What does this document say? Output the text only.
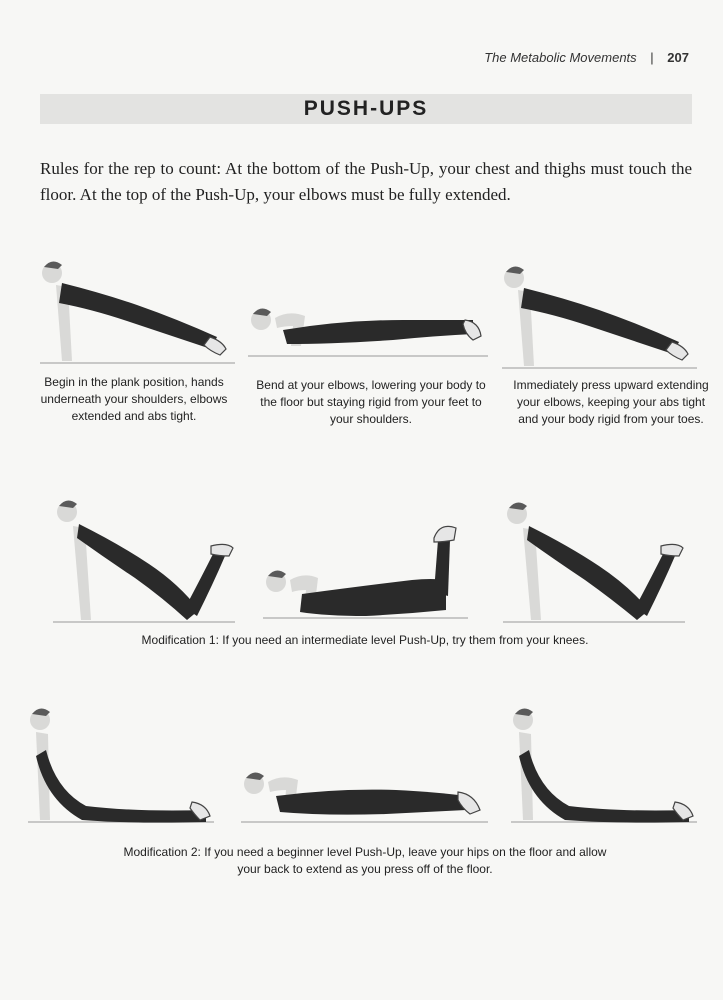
The Metabolic Movements | 207
PUSH-UPS
Rules for the rep to count: At the bottom of the Push-Up, your chest and thighs must touch the floor. At the top of the Push-Up, your elbows must be fully extended.
Begin in the plank position, hands underneath your shoulders, elbows extended and abs tight.
Bend at your elbows, lowering your body to the floor but staying rigid from your feet to your shoulders.
Immediately press upward extending your elbows, keeping your abs tight and your body rigid from your toes.
Modification 1: If you need an intermediate level Push-Up, try them from your knees.
Modification 2: If you need a beginner level Push-Up, leave your hips on the floor and allow your back to extend as you press off of the floor.
